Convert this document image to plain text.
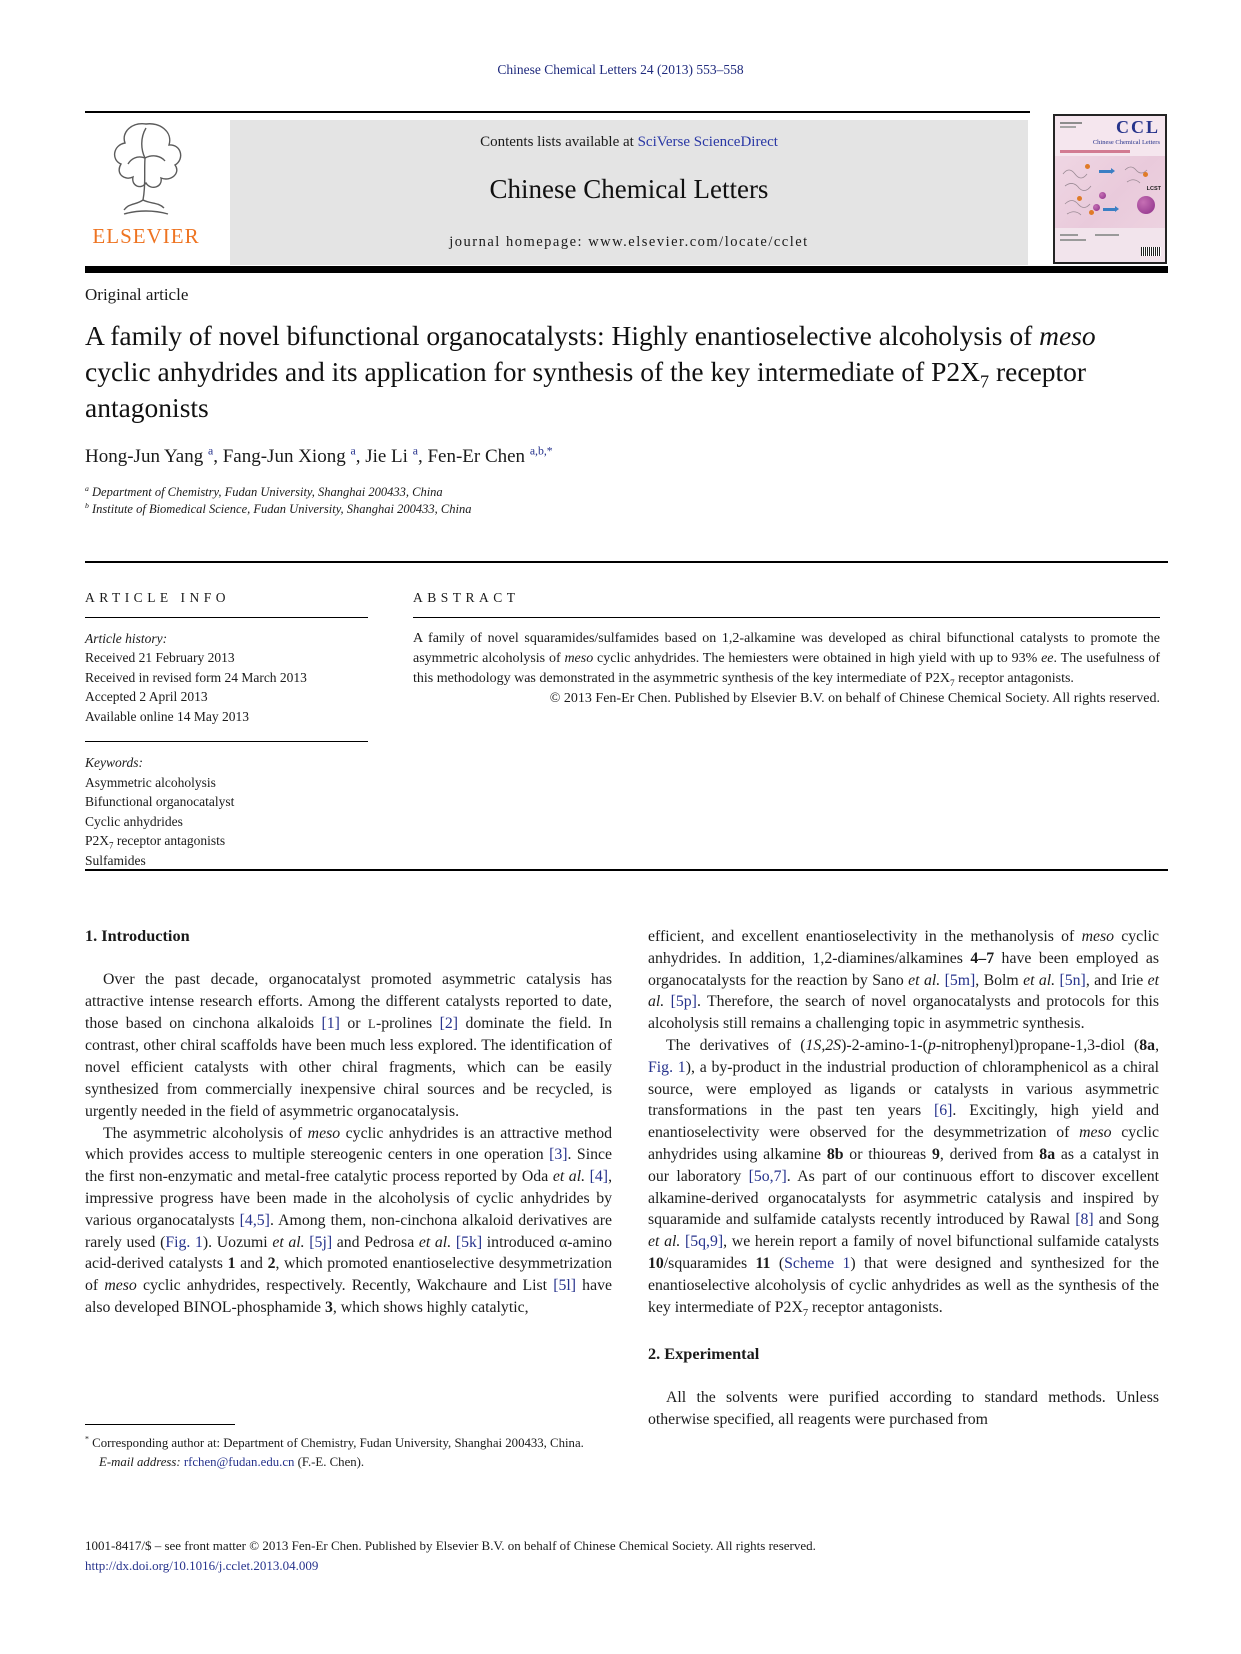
Chinese Chemical Letters 24 (2013) 553–558
ELSEVIER
Contents lists available at SciVerse ScienceDirect
Chinese Chemical Letters
journal homepage: www.elsevier.com/locate/cclet
CCL
Chinese Chemical Letters
LCST
Original article
A family of novel bifunctional organocatalysts: Highly enantioselective alcoholysis of meso cyclic anhydrides and its application for synthesis of the key intermediate of $P2X_7$ receptor antagonists
Hong-Jun Yang $^a$, Fang-Jun Xiong $^a$, Jie Li $^a$, Fen-Er Chen $^{a,b,*}$
$^a$ Department of Chemistry, Fudan University, Shanghai 200433, China
$^b$ Institute of Biomedical Science, Fudan University, Shanghai 200433, China
ARTICLE INFO
Article history:
Received 21 February 2013
Received in revised form 24 March 2013
Accepted 2 April 2013
Available online 14 May 2013
Keywords:
Asymmetric alcoholysis
Bifunctional organocatalyst
Cyclic anhydrides
$P2X_7$ receptor antagonists
Sulfamides
ABSTRACT
A family of novel squaramides/sulfamides based on 1,2-alkamine was developed as chiral bifunctional catalysts to promote the asymmetric alcoholysis of meso cyclic anhydrides. The hemiesters were obtained in high yield with up to 93% ee. The usefulness of this methodology was demonstrated in the asymmetric synthesis of the key intermediate of $P2X_7$ receptor antagonists.
© 2013 Fen-Er Chen. Published by Elsevier B.V. on behalf of Chinese Chemical Society. All rights reserved.
1. Introduction
Over the past decade, organocatalyst promoted asymmetric catalysis has attractive intense research efforts. Among the different catalysts reported to date, those based on cinchona alkaloids [1] or L-prolines [2] dominate the field. In contrast, other chiral scaffolds have been much less explored. The identification of novel efficient catalysts with other chiral fragments, which can be easily synthesized from commercially inexpensive chiral sources and be recycled, is urgently needed in the field of asymmetric organocatalysis.
The asymmetric alcoholysis of meso cyclic anhydrides is an attractive method which provides access to multiple stereogenic centers in one operation [3]. Since the first non-enzymatic and metal-free catalytic process reported by Oda et al. [4], impressive progress have been made in the alcoholysis of cyclic anhydrides by various organocatalysts [4,5]. Among them, non-cinchona alkaloid derivatives are rarely used (Fig. 1). Uozumi et al. [5j] and Pedrosa et al. [5k] introduced α-amino acid-derived catalysts 1 and 2, which promoted enantioselective desymmetrization of meso cyclic anhydrides, respectively. Recently, Wakchaure and List [5l] have also developed BINOL-phosphamide 3, which shows highly catalytic,
efficient, and excellent enantioselectivity in the methanolysis of meso cyclic anhydrides. In addition, 1,2-diamines/alkamines 4–7 have been employed as organocatalysts for the reaction by Sano et al. [5m], Bolm et al. [5n], and Irie et al. [5p]. Therefore, the search of novel organocatalysts and protocols for this alcoholysis still remains a challenging topic in asymmetric synthesis.
The derivatives of (1S,2S)-2-amino-1-(p-nitrophenyl)propane-1,3-diol (8a, Fig. 1), a by-product in the industrial production of chloramphenicol as a chiral source, were employed as ligands or catalysts in various asymmetric transformations in the past ten years [6]. Excitingly, high yield and enantioselectivity were observed for the desymmetrization of meso cyclic anhydrides using alkamine 8b or thioureas 9, derived from 8a as a catalyst in our laboratory [5o,7]. As part of our continuous effort to discover excellent alkamine-derived organocatalysts for asymmetric catalysis and inspired by squaramide and sulfamide catalysts recently introduced by Rawal [8] and Song et al. [5q,9], we herein report a family of novel bifunctional sulfamide catalysts 10/squaramides 11 (Scheme 1) that were designed and synthesized for the enantioselective alcoholysis of cyclic anhydrides as well as the synthesis of the key intermediate of $P2X_7$ receptor antagonists.
2. Experimental
All the solvents were purified according to standard methods. Unless otherwise specified, all reagents were purchased from
* Corresponding author at: Department of Chemistry, Fudan University, Shanghai 200433, China.
E-mail address: rfchen@fudan.edu.cn (F.-E. Chen).
1001-8417/$ – see front matter © 2013 Fen-Er Chen. Published by Elsevier B.V. on behalf of Chinese Chemical Society. All rights reserved.
http://dx.doi.org/10.1016/j.cclet.2013.04.009
